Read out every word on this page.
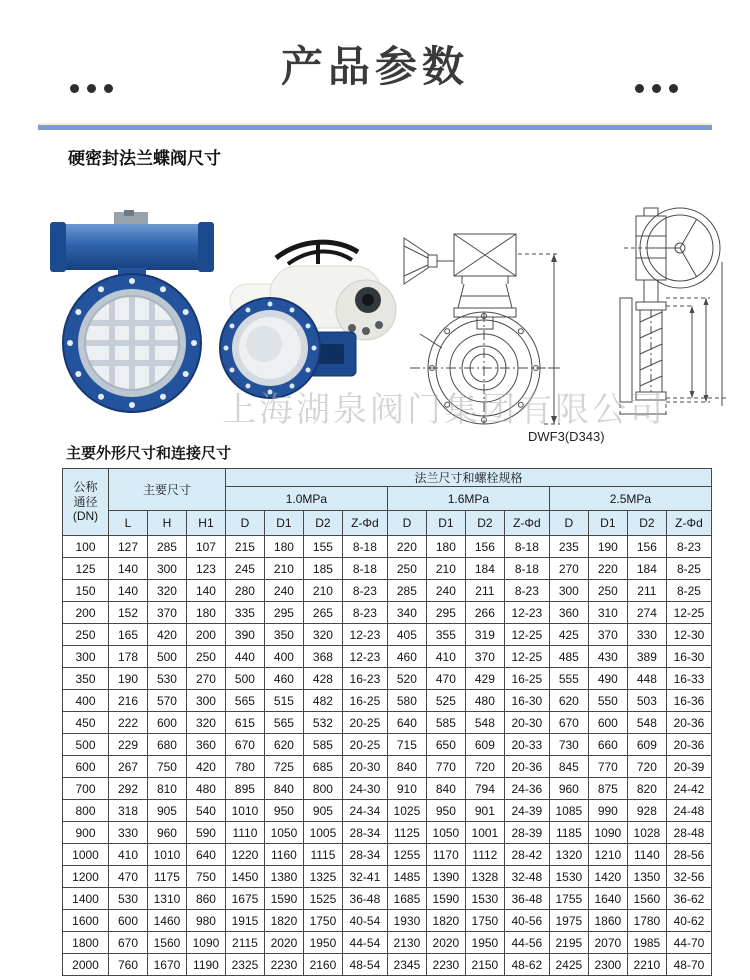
产品参数
硬密封法兰蝶阀尺寸
上海湖泉阀门集团有限公司
DWF3(D343)
主要外形尺寸和连接尺寸
公称
通径
(DN)	主要尺寸			法兰尺寸和螺栓规格											
				1.0MPa				1.6MPa				2.5MPa			
	L	H	H1	D	D1	D2	Z-Φd	D	D1	D2	Z-Φd	D	D1	D2	Z-Φd
100	127	285	107	215	180	155	8-18	220	180	156	8-18	235	190	156	8-23
125	140	300	123	245	210	185	8-18	250	210	184	8-18	270	220	184	8-25
150	140	320	140	280	240	210	8-23	285	240	211	8-23	300	250	211	8-25
200	152	370	180	335	295	265	8-23	340	295	266	12-23	360	310	274	12-25
250	165	420	200	390	350	320	12-23	405	355	319	12-25	425	370	330	12-30
300	178	500	250	440	400	368	12-23	460	410	370	12-25	485	430	389	16-30
350	190	530	270	500	460	428	16-23	520	470	429	16-25	555	490	448	16-33
400	216	570	300	565	515	482	16-25	580	525	480	16-30	620	550	503	16-36
450	222	600	320	615	565	532	20-25	640	585	548	20-30	670	600	548	20-36
500	229	680	360	670	620	585	20-25	715	650	609	20-33	730	660	609	20-36
600	267	750	420	780	725	685	20-30	840	770	720	20-36	845	770	720	20-39
700	292	810	480	895	840	800	24-30	910	840	794	24-36	960	875	820	24-42
800	318	905	540	1010	950	905	24-34	1025	950	901	24-39	1085	990	928	24-48
900	330	960	590	1110	1050	1005	28-34	1125	1050	1001	28-39	1185	1090	1028	28-48
1000	410	1010	640	1220	1160	1115	28-34	1255	1170	1112	28-42	1320	1210	1140	28-56
1200	470	1175	750	1450	1380	1325	32-41	1485	1390	1328	32-48	1530	1420	1350	32-56
1400	530	1310	860	1675	1590	1525	36-48	1685	1590	1530	36-48	1755	1640	1560	36-62
1600	600	1460	980	1915	1820	1750	40-54	1930	1820	1750	40-56	1975	1860	1780	40-62
1800	670	1560	1090	2115	2020	1950	44-54	2130	2020	1950	44-56	2195	2070	1985	44-70
2000	760	1670	1190	2325	2230	2160	48-54	2345	2230	2150	48-62	2425	2300	2210	48-70
